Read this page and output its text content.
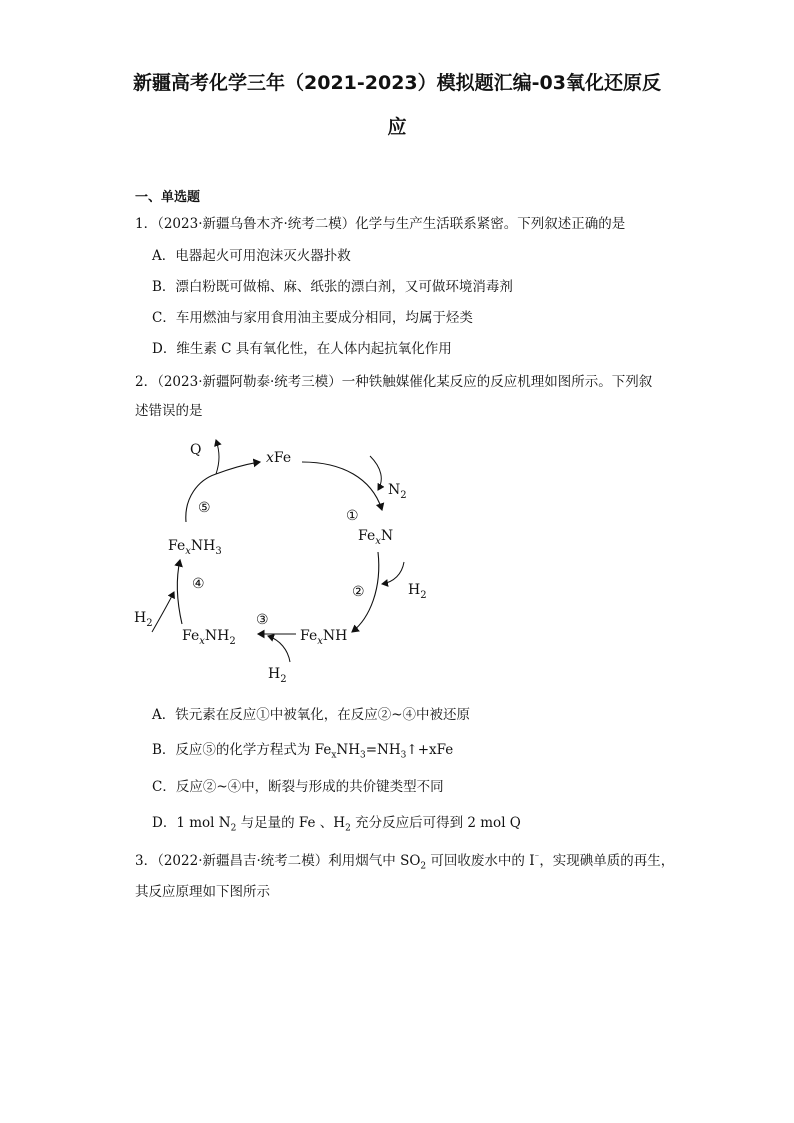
新疆高考化学三年（2021-2023）模拟题汇编-03氧化还原反
应
一、单选题
1．（2023·新疆乌鲁木齐·统考二模）化学与生产生活联系紧密。下列叙述正确的是
A．电器起火可用泡沫灭火器扑救
B．漂白粉既可做棉、麻、纸张的漂白剂，又可做环境消毒剂
C．车用燃油与家用食用油主要成分相同，均属于烃类
D．维生素 C 具有氧化性，在人体内起抗氧化作用
2．（2023·新疆阿勒泰·统考三模）一种铁触媒催化某反应的反应机理如图所示。下列叙
述错误的是
Q	xFe
$N_2$
$Fe_xN$
$H_2$
$Fe_xNH$
$H_2$
$Fe_xNH_2$
$H_2$
$Fe_xNH_3$
①
②
③
④
⑤
A．铁元素在反应①中被氧化，在反应②~④中被还原
B．反应⑤的化学方程式为 $Fe_xNH_3=NH_3↑+xFe$
C．反应②~④中，断裂与形成的共价键类型不同
D．1 mol $N_2$ 与足量的 Fe 、$H_2$ 充分反应后可得到 2 mol Q
3．（2022·新疆昌吉·统考二模）利用烟气中 $SO_2$ 可回收废水中的 I⁻，实现碘单质的再生，
其反应原理如下图所示
